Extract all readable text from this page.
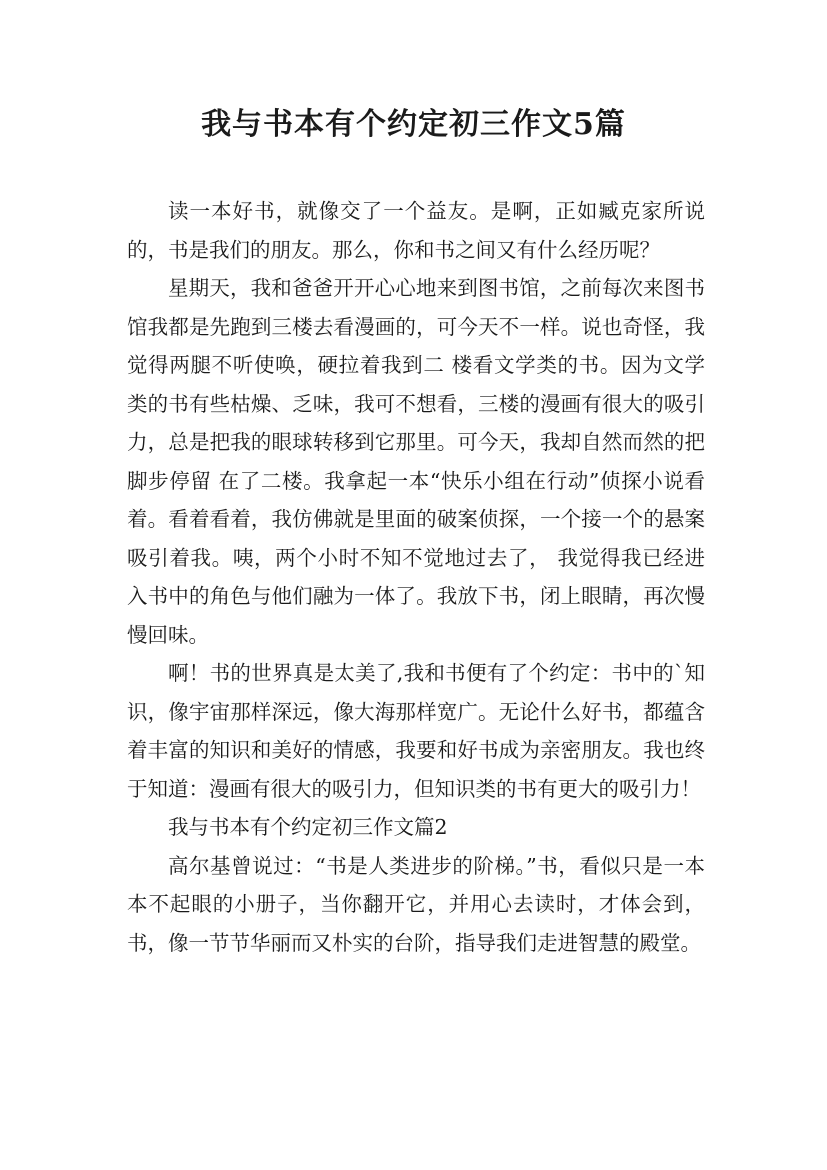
我与书本有个约定初三作文5篇

读一本好书，就像交了一个益友。是啊，正如臧克家所说的，书是我们的朋友。那么，你和书之间又有什么经历呢？

星期天，我和爸爸开开心心地来到图书馆，之前每次来图书馆我都是先跑到三楼去看漫画的，可今天不一样。说也奇怪，我觉得两腿不听使唤，硬拉着我到二 楼看文学类的书。因为文学类的书有些枯燥、乏味，我可不想看，三楼的漫画有很大的吸引力，总是把我的眼球转移到它那里。可今天，我却自然而然的把脚步停留 在了二楼。我拿起一本“快乐小组在行动”侦探小说看着。看着看着，我仿佛就是里面的破案侦探，一个接一个的悬案吸引着我。咦，两个小时不知不觉地过去了， 我觉得我已经进入书中的角色与他们融为一体了。我放下书，闭上眼睛，再次慢慢回味。

啊！书的世界真是太美了,我和书便有了个约定：书中的`知识，像宇宙那样深远，像大海那样宽广。无论什么好书，都蕴含着丰富的知识和美好的情感，我要和好书成为亲密朋友。我也终于知道：漫画有很大的吸引力，但知识类的书有更大的吸引力！

我与书本有个约定初三作文篇2

高尔基曾说过：“书是人类进步的阶梯。”书，看似只是一本本不起眼的小册子，当你翻开它，并用心去读时，才体会到，书，像一节节华丽而又朴实的台阶，指导我们走进智慧的殿堂。
